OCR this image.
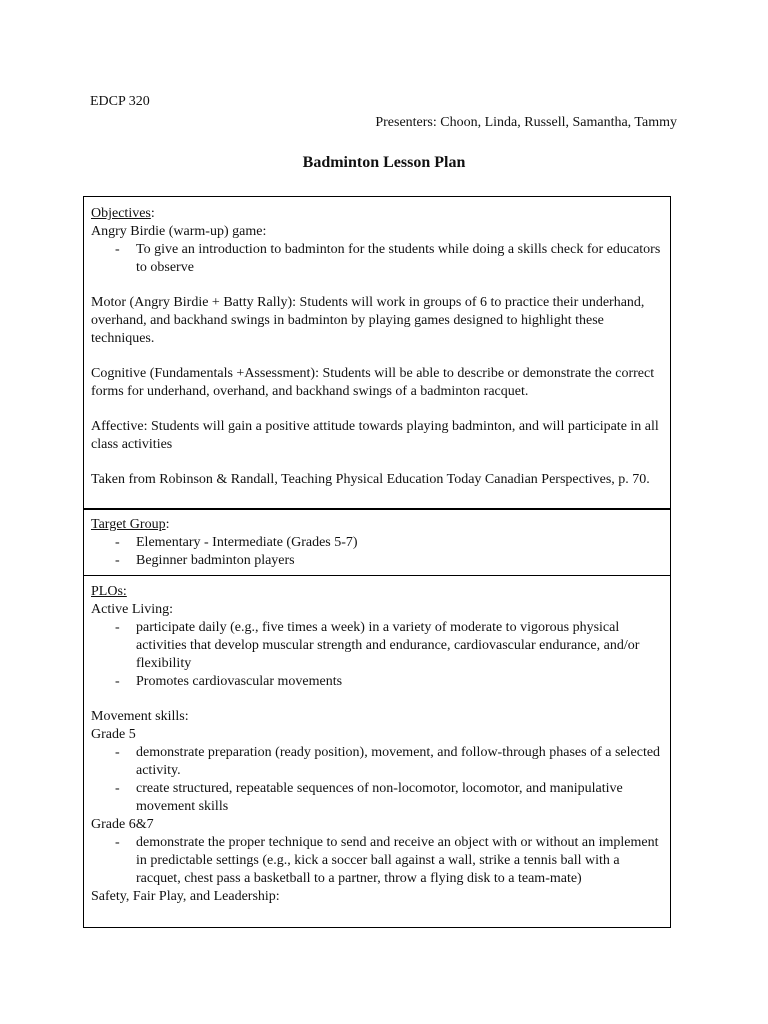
EDCP 320
Presenters: Choon, Linda, Russell, Samantha, Tammy
Badminton Lesson Plan

Objectives:

Angry Birdie (warm-up) game:

- To give an introduction to badminton for the students while doing a skills check for educators to observe

Motor (Angry Birdie + Batty Rally): Students will work in groups of 6 to practice their underhand, overhand, and backhand swings in badminton by playing games designed to highlight these techniques.

Cognitive (Fundamentals +Assessment): Students will be able to describe or demonstrate the correct forms for underhand, overhand, and backhand swings of a badminton racquet.

Affective: Students will gain a positive attitude towards playing badminton, and will participate in all class activities

Taken from Robinson & Randall, Teaching Physical Education Today Canadian Perspectives, p. 70.

Target Group:

- Elementary - Intermediate (Grades 5-7)
- Beginner badminton players

PLOs:

Active Living:

- participate daily (e.g., five times a week) in a variety of moderate to vigorous physical activities that develop muscular strength and endurance, cardiovascular endurance, and/or flexibility
- Promotes cardiovascular movements

Movement skills:

Grade 5

- demonstrate preparation (ready position), movement, and follow-through phases of a selected activity.
- create structured, repeatable sequences of non-locomotor, locomotor, and manipulative movement skills

Grade 6&7

- demonstrate the proper technique to send and receive an object with or without an implement in predictable settings (e.g., kick a soccer ball against a wall, strike a tennis ball with a racquet, chest pass a basketball to a partner, throw a flying disk to a team-mate)

Safety, Fair Play, and Leadership:
